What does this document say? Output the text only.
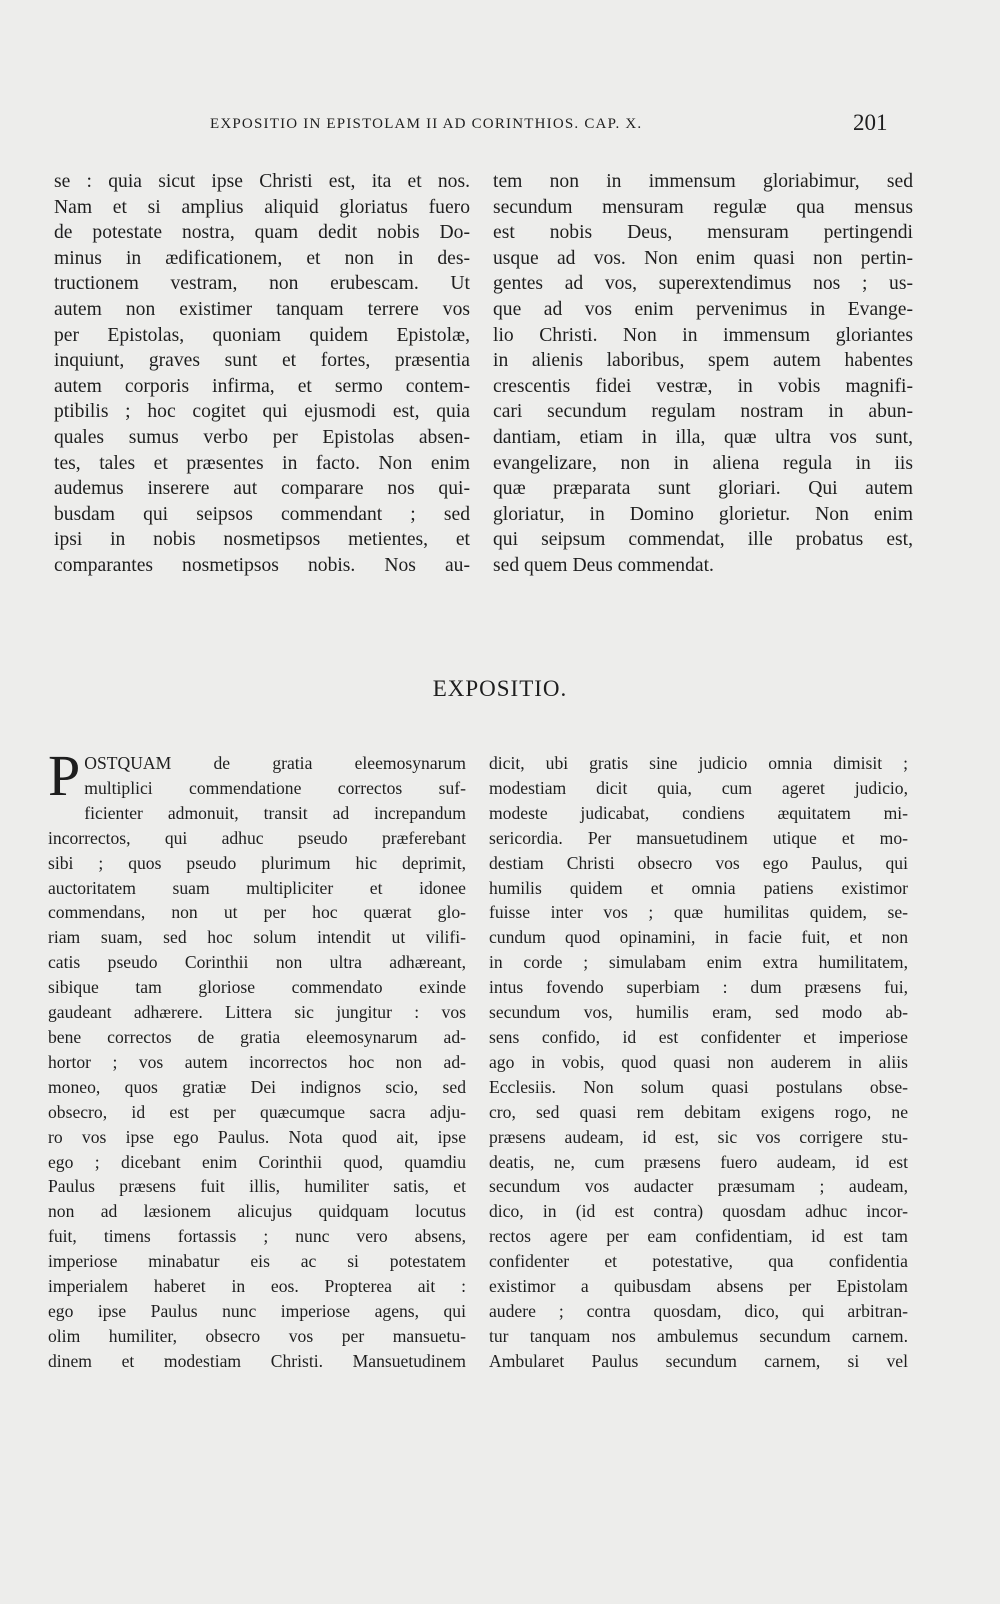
EXPOSITIO IN EPISTOLAM II AD CORINTHIOS. CAP. X.	201
se : quia sicut ipse Christi est, ita et nos.
Nam et si amplius aliquid gloriatus fuero
de potestate nostra, quam dedit nobis Do-
minus in ædificationem, et non in des-
tructionem vestram, non erubescam. Ut
autem non existimer tanquam terrere vos
per Epistolas, quoniam quidem Epistolæ,
inquiunt, graves sunt et fortes, præsentia
autem corporis infirma, et sermo contem-
ptibilis ; hoc cogitet qui ejusmodi est, quia
quales sumus verbo per Epistolas absen-
tes, tales et præsentes in facto. Non enim
audemus inserere aut comparare nos qui-
busdam qui seipsos commendant ; sed
ipsi in nobis nosmetipsos metientes, et
comparantes nosmetipsos nobis. Nos au-
tem non in immensum gloriabimur, sed
secundum mensuram regulæ qua mensus
est nobis Deus, mensuram pertingendi
usque ad vos. Non enim quasi non pertin-
gentes ad vos, superextendimus nos ; us-
que ad vos enim pervenimus in Evange-
lio Christi. Non in immensum gloriantes
in alienis laboribus, spem autem habentes
crescentis fidei vestræ, in vobis magnifi-
cari secundum regulam nostram in abun-
dantiam, etiam in illa, quæ ultra vos sunt,
evangelizare, non in aliena regula in iis
quæ præparata sunt gloriari. Qui autem
gloriatur, in Domino glorietur. Non enim
qui seipsum commendat, ille probatus est,
sed quem Deus commendat.
EXPOSITIO.
P OSTQUAM de gratia eleemosynarum
multiplici commendatione correctos suf-
ficienter admonuit, transit ad increpandum
incorrectos, qui adhuc pseudo præferebant
sibi ; quos pseudo plurimum hic deprimit,
auctoritatem suam multipliciter et idonee
commendans, non ut per hoc quærat glo-
riam suam, sed hoc solum intendit ut vilifi-
catis pseudo Corinthii non ultra adhæreant,
sibique tam gloriose commendato exinde
gaudeant adhærere. Littera sic jungitur : vos
bene correctos de gratia eleemosynarum ad-
hortor ; vos autem incorrectos hoc non ad-
moneo, quos gratiæ Dei indignos scio, sed
obsecro, id est per quæcumque sacra adju-
ro vos ipse ego Paulus. Nota quod ait, ipse
ego ; dicebant enim Corinthii quod, quamdiu
Paulus præsens fuit illis, humiliter satis, et
non ad læsionem alicujus quidquam locutus
fuit, timens fortassis ; nunc vero absens,
imperiose minabatur eis ac si potestatem
imperialem haberet in eos. Propterea ait :
ego ipse Paulus nunc imperiose agens, qui
olim humiliter, obsecro vos per mansuetu-
dinem et modestiam Christi. Mansuetudinem
dicit, ubi gratis sine judicio omnia dimisit ;
modestiam dicit quia, cum ageret judicio,
modeste judicabat, condiens æquitatem mi-
sericordia. Per mansuetudinem utique et mo-
destiam Christi obsecro vos ego Paulus, qui
humilis quidem et omnia patiens existimor
fuisse inter vos ; quæ humilitas quidem, se-
cundum quod opinamini, in facie fuit, et non
in corde ; simulabam enim extra humilitatem,
intus fovendo superbiam : dum præsens fui,
secundum vos, humilis eram, sed modo ab-
sens confido, id est confidenter et imperiose
ago in vobis, quod quasi non auderem in aliis
Ecclesiis. Non solum quasi postulans obse-
cro, sed quasi rem debitam exigens rogo, ne
præsens audeam, id est, sic vos corrigere stu-
deatis, ne, cum præsens fuero audeam, id est
secundum vos audacter præsumam ; audeam,
dico, in (id est contra) quosdam adhuc incor-
rectos agere per eam confidentiam, id est tam
confidenter et potestative, qua confidentia
existimor a quibusdam absens per Epistolam
audere ; contra quosdam, dico, qui arbitran-
tur tanquam nos ambulemus secundum carnem.
Ambularet Paulus secundum carnem, si vel
